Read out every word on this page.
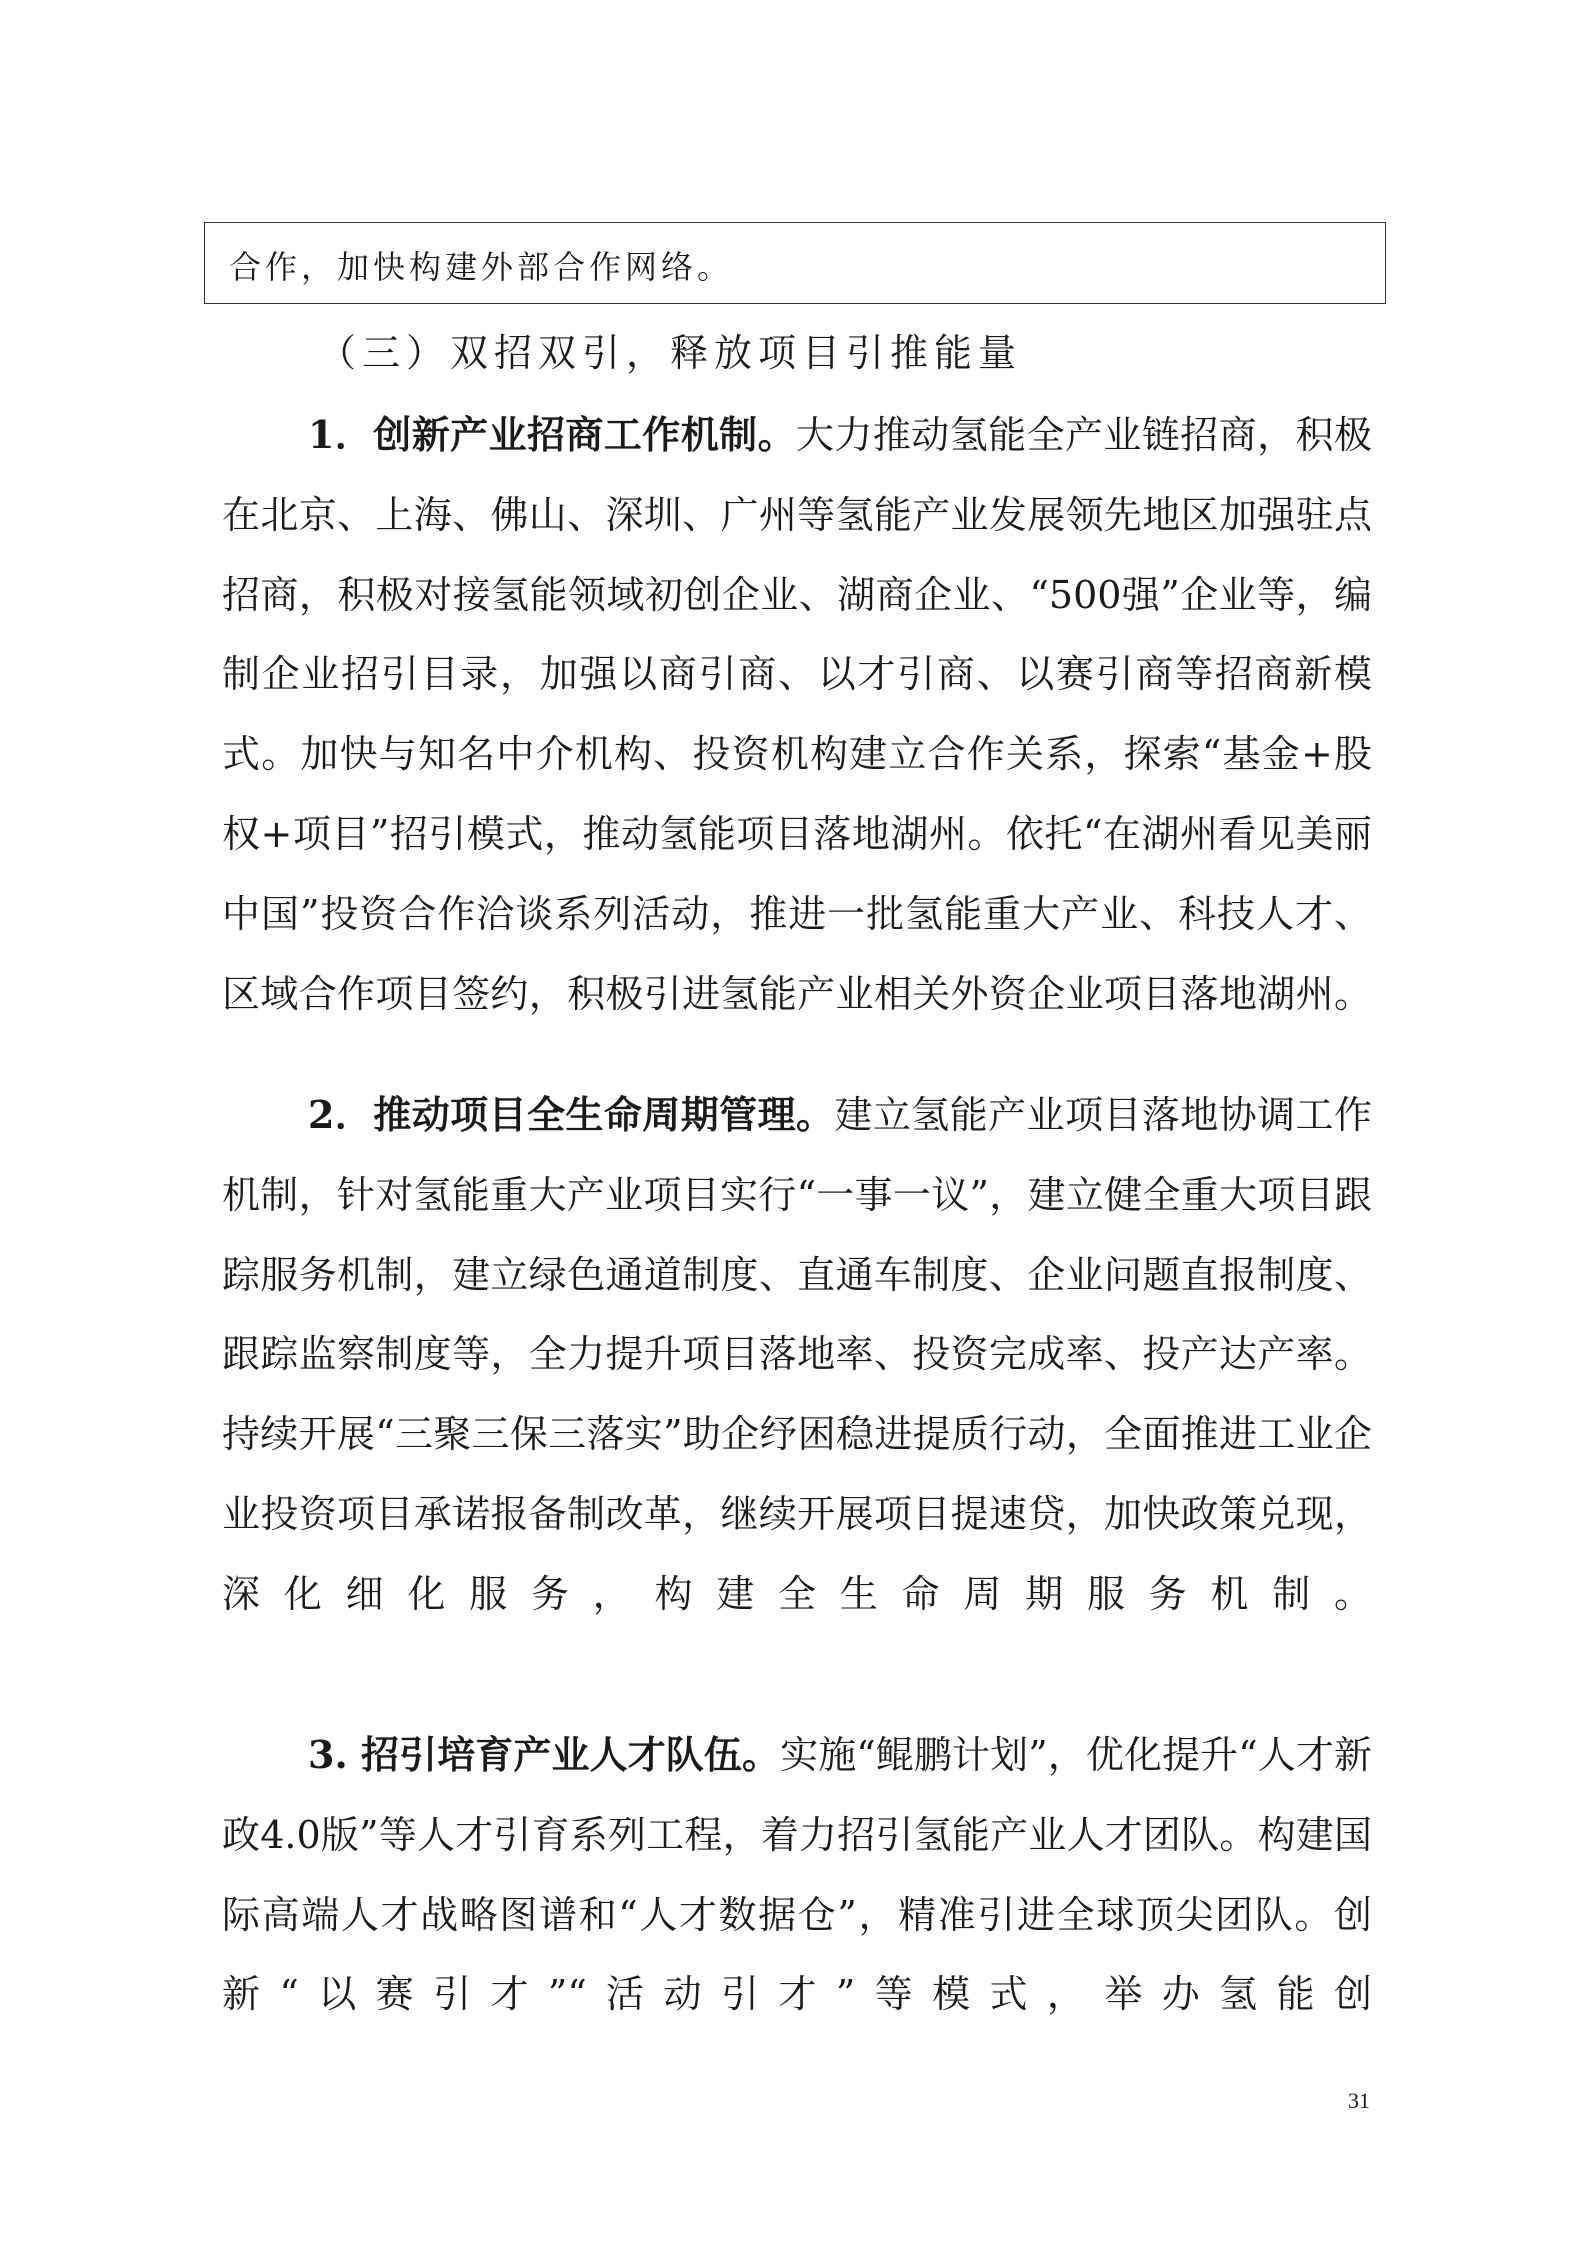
合作，加快构建外部合作网络。

（三）双招双引，释放项目引推能量

1．创新产业招商工作机制。大力推动氢能全产业链招商，积极在北京、上海、佛山、深圳、广州等氢能产业发展领先地区加强驻点招商，积极对接氢能领域初创企业、湖商企业、“500强”企业等，编制企业招引目录，加强以商引商、以才引商、以赛引商等招商新模式。加快与知名中介机构、投资机构建立合作关系，探索“基金+股权+项目”招引模式，推动氢能项目落地湖州。依托“在湖州看见美丽中国”投资合作洽谈系列活动，推进一批氢能重大产业、科技人才、区域合作项目签约，积极引进氢能产业相关外资企业项目落地湖州。

2．推动项目全生命周期管理。建立氢能产业项目落地协调工作机制，针对氢能重大产业项目实行“一事一议”，建立健全重大项目跟踪服务机制，建立绿色通道制度、直通车制度、企业问题直报制度、跟踪监察制度等，全力提升项目落地率、投资完成率、投产达产率。持续开展“三聚三保三落实”助企纾困稳进提质行动，全面推进工业企业投资项目承诺报备制改革，继续开展项目提速贷，加快政策兑现，深化细化服务，构建全生命周期服务机制。

3. 招引培育产业人才队伍。实施“鲲鹏计划”，优化提升“人才新政4.0版”等人才引育系列工程，着力招引氢能产业人才团队。构建国际高端人才战略图谱和“人才数据仓”，精准引进全球顶尖团队。创新“以赛引才”“活动引才”等模式，举办氢能创

31
